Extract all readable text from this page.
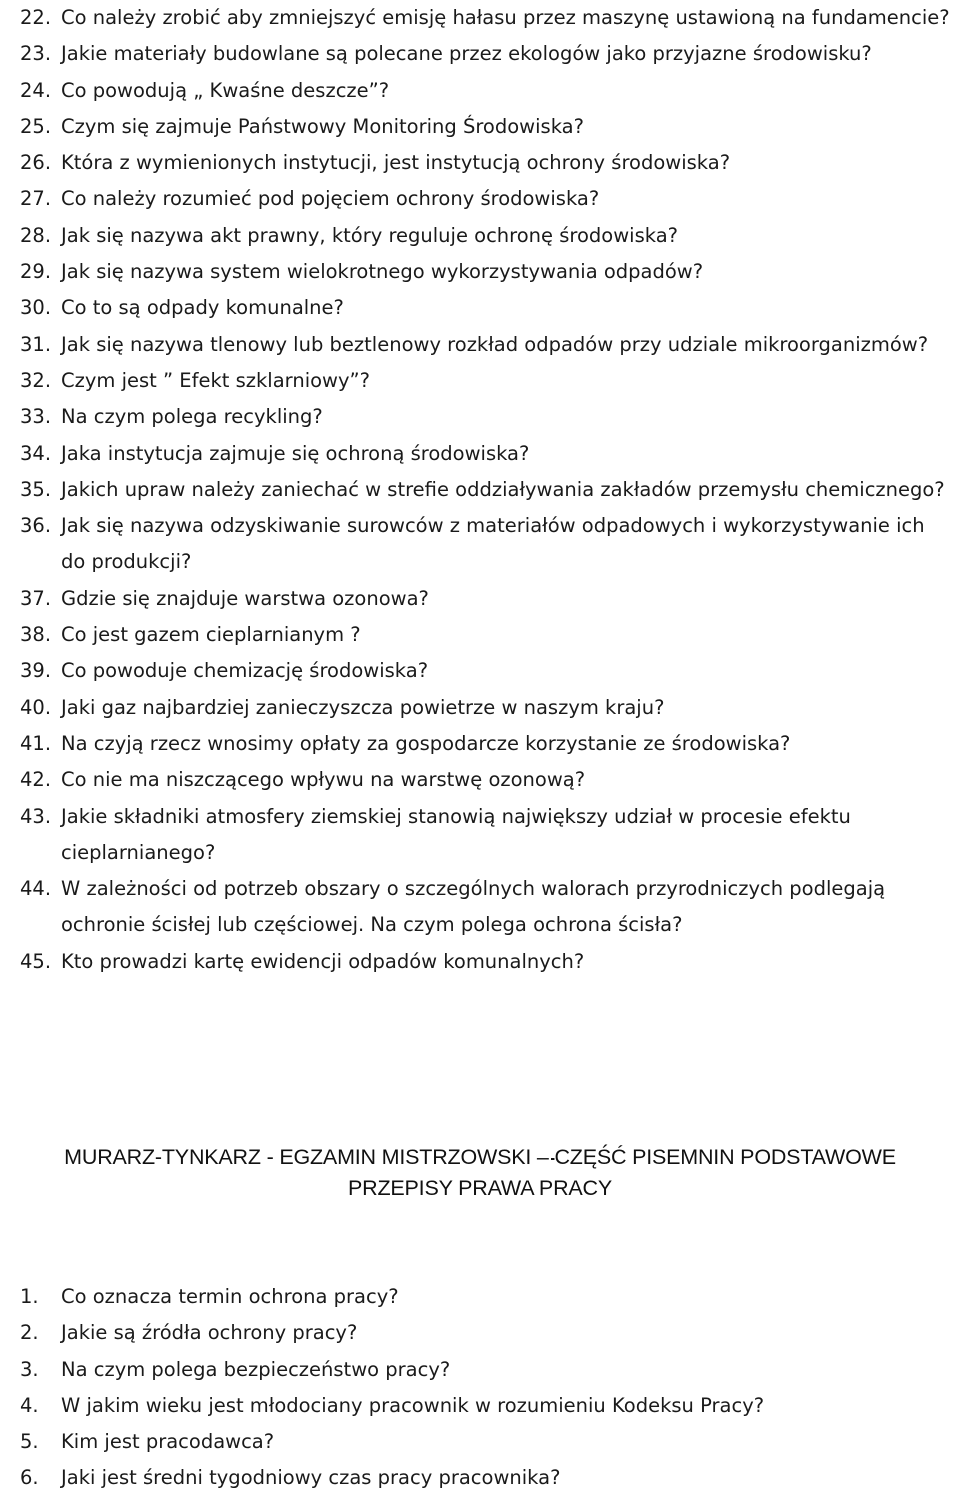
22. Co należy zrobić aby zmniejszyć emisję hałasu przez maszynę ustawioną na fundamencie?
23. Jakie materiały budowlane są polecane przez ekologów jako przyjazne środowisku?
24. Co powodują „ Kwaśne deszcze”?
25. Czym się zajmuje Państwowy Monitoring Środowiska?
26. Która z wymienionych instytucji, jest instytucją ochrony środowiska?
27. Co należy rozumieć pod pojęciem ochrony środowiska?
28. Jak się nazywa akt prawny, który reguluje ochronę środowiska?
29. Jak się nazywa system wielokrotnego wykorzystywania odpadów?
30. Co to są odpady komunalne?
31. Jak się nazywa tlenowy lub beztlenowy rozkład odpadów przy udziale mikroorganizmów?
32. Czym jest ” Efekt szklarniowy”?
33. Na czym polega recykling?
34. Jaka instytucja zajmuje się ochroną środowiska?
35. Jakich upraw należy zaniechać w strefie oddziaływania zakładów przemysłu chemicznego?
36. Jak się nazywa odzyskiwanie surowców z materiałów odpadowych i wykorzystywanie ich do produkcji?
37. Gdzie się znajduje warstwa ozonowa?
38. Co jest gazem cieplarnianym ?
39. Co powoduje chemizację środowiska?
40. Jaki gaz najbardziej zanieczyszcza powietrze w naszym kraju?
41. Na czyją rzecz wnosimy opłaty za gospodarcze korzystanie ze środowiska?
42. Co nie ma niszczącego wpływu na warstwę ozonową?
43. Jakie składniki atmosfery ziemskiej stanowią największy udział w procesie efektu cieplarnianego?
44. W zależności od potrzeb obszary o szczególnych walorach przyrodniczych podlegają ochronie ścisłej lub częściowej. Na czym polega ochrona ścisła?
45. Kto prowadzi kartę ewidencji odpadów komunalnych?
MURARZ-TYNKARZ - EGZAMIN MISTRZOWSKI – CZĘŚĆ PISEMNIN PODSTAWOWE
PRZEPISY PRAWA PRACY
1.	Co oznacza termin ochrona pracy?
2.	Jakie są źródła ochrony pracy?
3.	Na czym polega bezpieczeństwo pracy?
4.	W jakim wieku jest młodociany pracownik w rozumieniu Kodeksu Pracy?
5.	Kim jest pracodawca?
6.	Jaki jest średni tygodniowy czas pracy pracownika?
